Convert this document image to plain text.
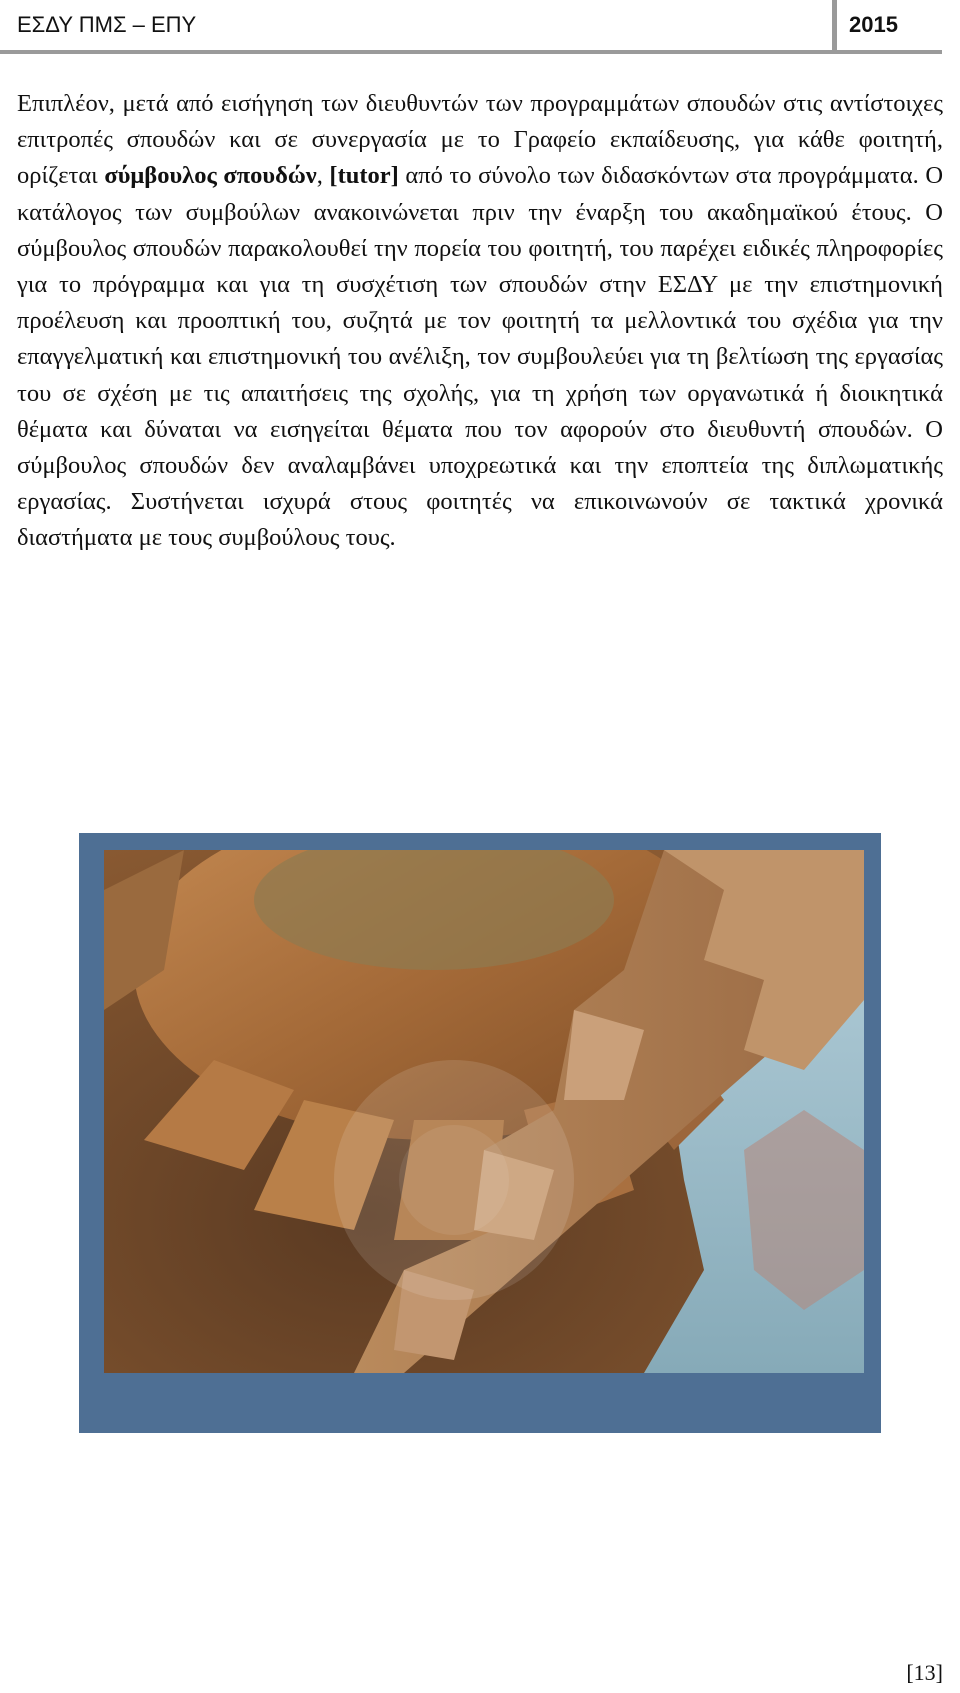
ΕΣΔΥ ΠΜΣ – ΕΠΥ	2015

Επιπλέον, μετά από εισήγηση των διευθυντών των προγραμμάτων σπουδών στις αντίστοιχες επιτροπές σπουδών και σε συνεργασία με το Γραφείο εκπαίδευσης, για κάθε φοιτητή, ορίζεται σύμβουλος σπουδών, [tutor] από το σύνολο των διδασκόντων στα προγράμματα. Ο κατάλογος των συμβούλων ανακοινώνεται πριν την έναρξη του ακαδημαϊκού έτους. Ο σύμβουλος σπουδών παρακολουθεί την πορεία του φοιτητή, του παρέχει ειδικές πληροφορίες για το πρόγραμμα και για τη συσχέτιση των σπουδών στην ΕΣΔΥ με την επιστημονική προέλευση και προοπτική του, συζητά με τον φοιτητή τα μελλοντικά του σχέδια για την επαγγελματική και επιστημονική του ανέλιξη, τον συμβουλεύει για τη βελτίωση της εργασίας του σε σχέση με τις απαιτήσεις της σχολής, για τη χρήση των οργανωτικά ή διοικητικά θέματα και δύναται να εισηγείται θέματα που τον αφορούν στο διευθυντή σπουδών. Ο σύμβουλος σπουδών δεν αναλαμβάνει υποχρεωτικά και την εποπτεία της διπλωματικής εργασίας. Συστήνεται ισχυρά στους φοιτητές να επικοινωνούν σε τακτικά χρονικά διαστήματα με τους συμβούλους τους.

[13]
